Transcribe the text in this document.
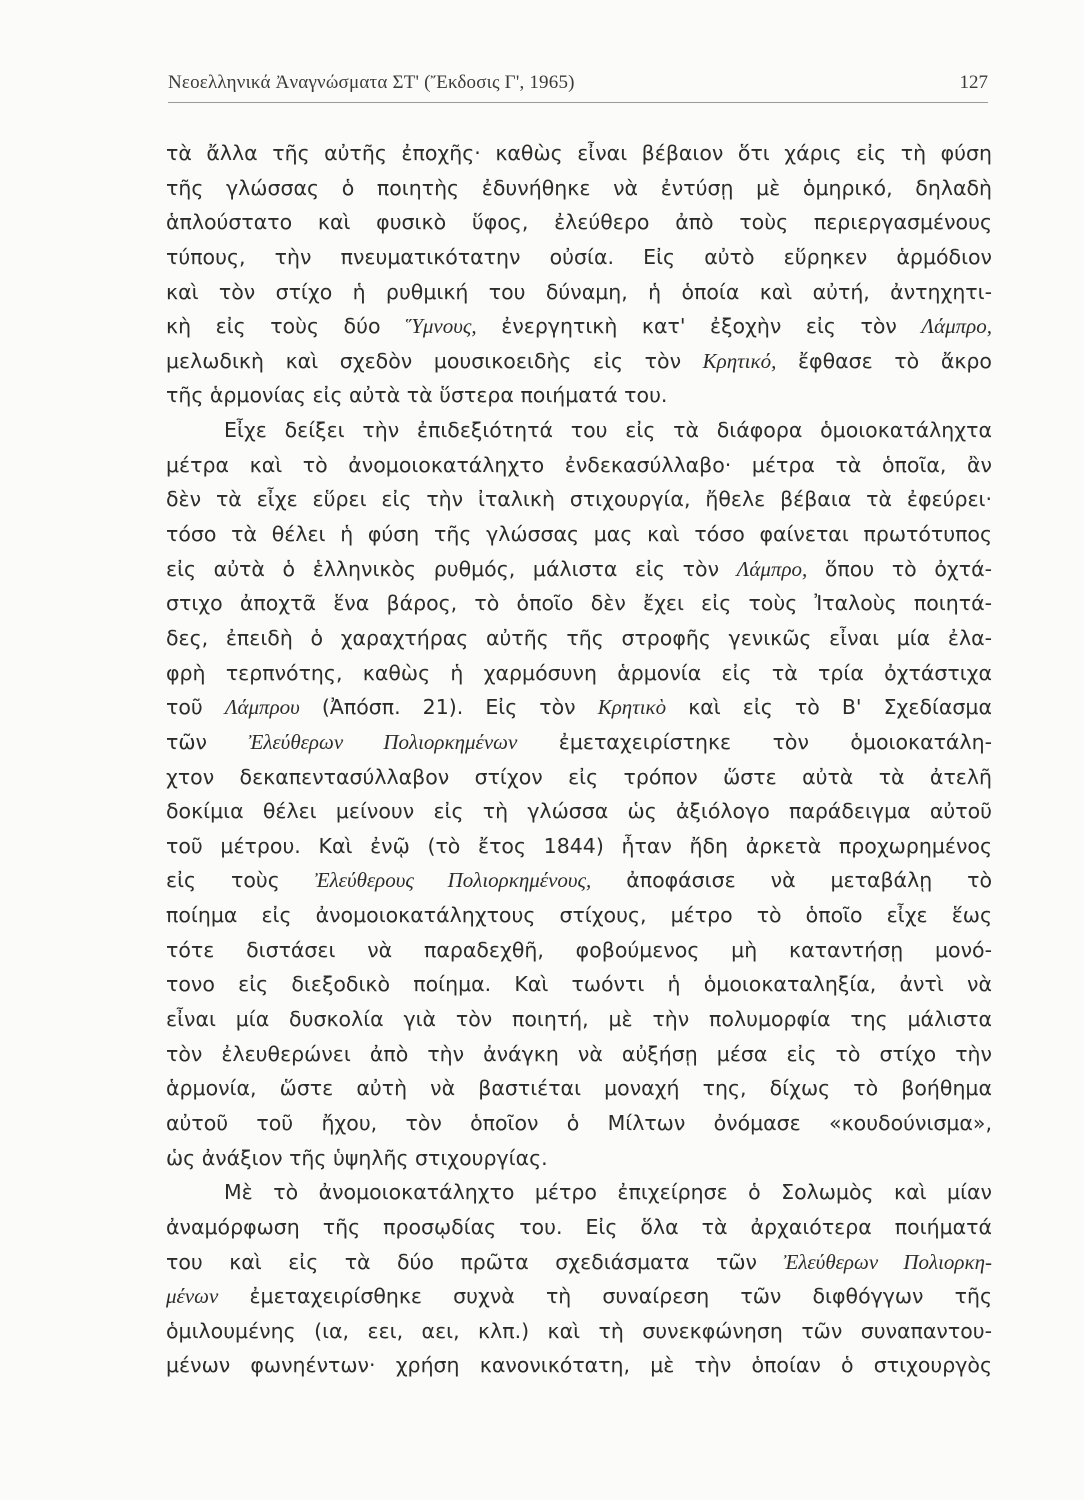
Νεοελληνικά Ἀναγνώσματα ΣΤ' (Ἔκδοσις Γ', 1965)	127
τὰ ἄλλα τῆς αὐτῆς ἐποχῆς· καθὼς εἶναι βέβαιον ὅτι χάρις εἰς τὴ φύση
τῆς γλώσσας ὁ ποιητὴς ἐδυνήθηκε νὰ ἐντύσῃ μὲ ὁμηρικό, δηλαδὴ
ἁπλούστατο καὶ φυσικὸ ὕφος, ἐλεύθερο ἀπὸ τοὺς περιεργασμένους
τύπους, τὴν πνευματικότατην οὐσία. Εἰς αὐτὸ εὕρηκεν ἁρμόδιον
καὶ τὸν στίχο ἡ ρυθμική του δύναμη, ἡ ὁποία καὶ αὐτή, ἀντηχητι-
κὴ εἰς τοὺς δύο Ὕμνους, ἐνεργητικὴ κατ' ἐξοχὴν εἰς τὸν Λάμπρο,
μελωδικὴ καὶ σχεδὸν μουσικοειδὴς εἰς τὸν Κρητικό, ἔφθασε τὸ ἄκρο
τῆς ἁρμονίας εἰς αὐτὰ τὰ ὕστερα ποιήματά του.
Εἶχε δείξει τὴν ἐπιδεξιότητά του εἰς τὰ διάφορα ὁμοιοκατάληχτα
μέτρα καὶ τὸ ἀνομοιοκατάληχτο ἐνδεκασύλλαβο· μέτρα τὰ ὁποῖα, ἂν
δὲν τὰ εἶχε εὕρει εἰς τὴν ἰταλικὴ στιχουργία, ἤθελε βέβαια τὰ ἐφεύρει·
τόσο τὰ θέλει ἡ φύση τῆς γλώσσας μας καὶ τόσο φαίνεται πρωτότυπος
εἰς αὐτὰ ὁ ἑλληνικὸς ρυθμός, μάλιστα εἰς τὸν Λάμπρο, ὅπου τὸ ὀχτά-
στιχο ἀποχτᾶ ἕνα βάρος, τὸ ὁποῖο δὲν ἔχει εἰς τοὺς Ἰταλοὺς ποιητά-
δες, ἐπειδὴ ὁ χαραχτήρας αὐτῆς τῆς στροφῆς γενικῶς εἶναι μία ἐλα-
φρὴ τερπνότης, καθὼς ἡ χαρμόσυνη ἁρμονία εἰς τὰ τρία ὀχτάστιχα
τοῦ Λάμπρου (Ἀπόσπ. 21). Εἰς τὸν Κρητικὸ καὶ εἰς τὸ Β' Σχεδίασμα
τῶν Ἐλεύθερων Πολιορκημένων ἐμεταχειρίστηκε τὸν ὁμοιοκατάλη-
χτον δεκαπεντασύλλαβον στίχον εἰς τρόπον ὥστε αὐτὰ τὰ ἀτελῆ
δοκίμια θέλει μείνουν εἰς τὴ γλώσσα ὡς ἀξιόλογο παράδειγμα αὐτοῦ
τοῦ μέτρου. Καὶ ἐνῷ (τὸ ἔτος 1844) ἦταν ἤδη ἀρκετὰ προχωρημένος
εἰς τοὺς Ἐλεύθερους Πολιορκημένους, ἀποφάσισε νὰ μεταβάλῃ τὸ
ποίημα εἰς ἀνομοιοκατάληχτους στίχους, μέτρο τὸ ὁποῖο εἶχε ἕως
τότε διστάσει νὰ παραδεχθῆ, φοβούμενος μὴ καταντήσῃ μονό-
τονο εἰς διεξοδικὸ ποίημα. Καὶ τωόντι ἡ ὁμοιοκαταληξία, ἀντὶ νὰ
εἶναι μία δυσκολία γιὰ τὸν ποιητή, μὲ τὴν πολυμορφία της μάλιστα
τὸν ἐλευθερώνει ἀπὸ τὴν ἀνάγκη νὰ αὐξήσῃ μέσα εἰς τὸ στίχο τὴν
ἁρμονία, ὥστε αὐτὴ νὰ βαστιέται μοναχή της, δίχως τὸ βοήθημα
αὐτοῦ τοῦ ἤχου, τὸν ὁποῖον ὁ Μίλτων ὀνόμασε «κουδούνισμα»,
ὡς ἀνάξιον τῆς ὑψηλῆς στιχουργίας.
Μὲ τὸ ἀνομοιοκατάληχτο μέτρο ἐπιχείρησε ὁ Σολωμὸς καὶ μίαν
ἀναμόρφωση τῆς προσῳδίας του. Εἰς ὅλα τὰ ἀρχαιότερα ποιήματά
του καὶ εἰς τὰ δύο πρῶτα σχεδιάσματα τῶν Ἐλεύθερων Πολιορκη-
μένων ἐμεταχειρίσθηκε συχνὰ τὴ συναίρεση τῶν διφθόγγων τῆς
ὁμιλουμένης (ια, εει, αει, κλπ.) καὶ τὴ συνεκφώνηση τῶν συναπαντου-
μένων φωνηέντων· χρήση κανονικότατη, μὲ τὴν ὁποίαν ὁ στιχουργὸς
